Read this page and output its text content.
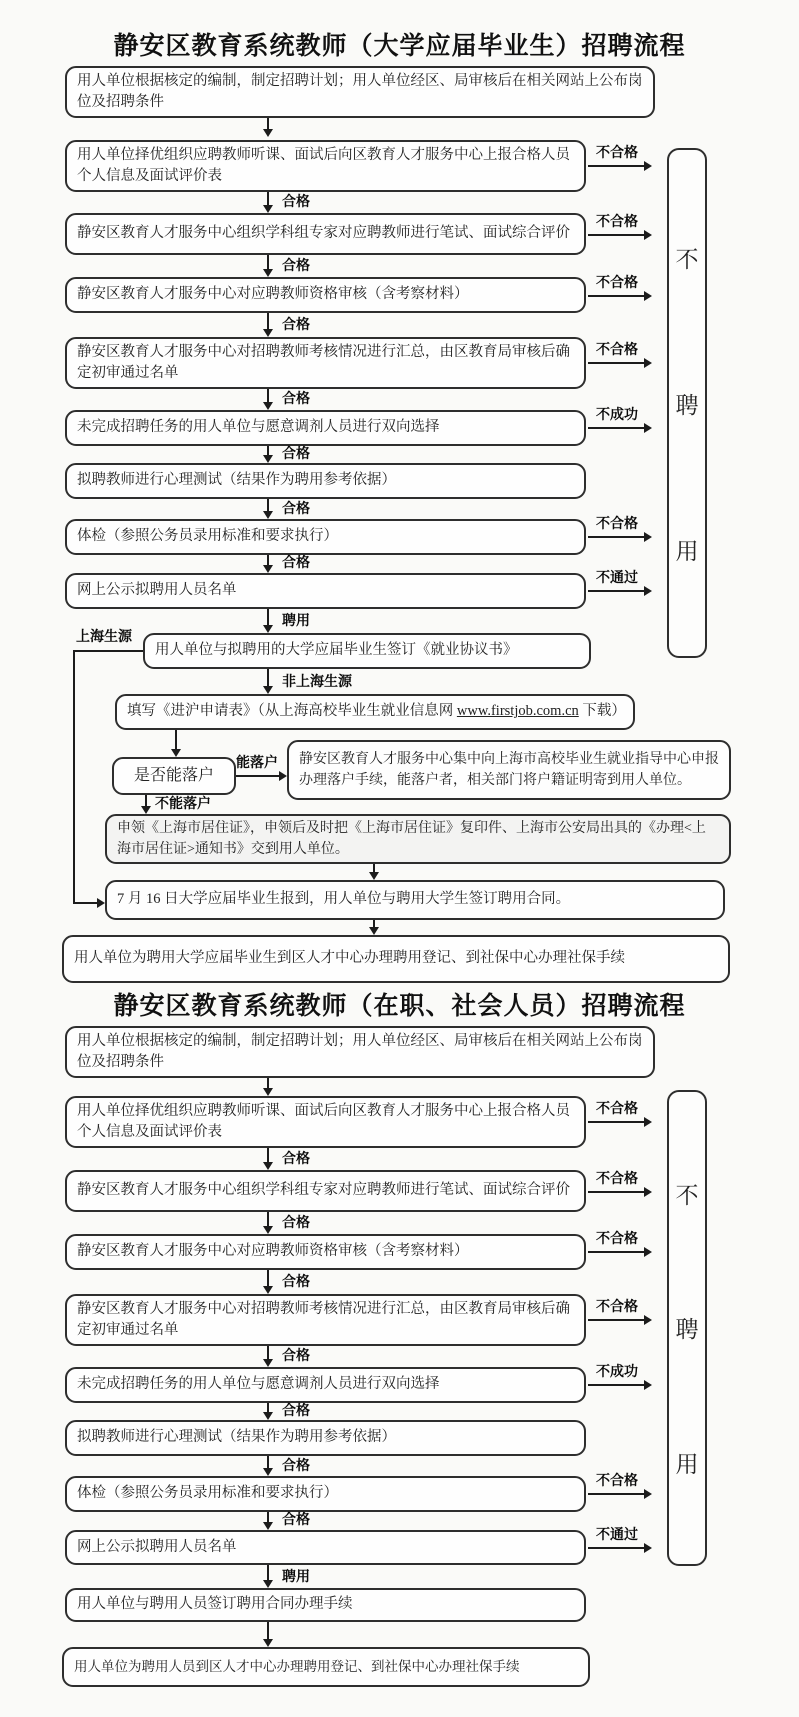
静安区教育系统教师（大学应届毕业生）招聘流程
用人单位根据核定的编制，制定招聘计划；用人单位经区、局审核后在相关网站上公布岗位及招聘条件
用人单位择优组织应聘教师听课、面试后向区教育人才服务中心上报合格人员个人信息及面试评价表
合格
静安区教育人才服务中心组织学科组专家对应聘教师进行笔试、面试综合评价
合格
静安区教育人才服务中心对应聘教师资格审核（含考察材料）
合格
静安区教育人才服务中心对招聘教师考核情况进行汇总，由区教育局审核后确定初审通过名单
合格
未完成招聘任务的用人单位与愿意调剂人员进行双向选择
合格
拟聘教师进行心理测试（结果作为聘用参考依据）
合格
体检（参照公务员录用标准和要求执行）
合格
网上公示拟聘用人员名单
聘用
用人单位与拟聘用的大学应届毕业生签订《就业协议书》
非上海生源
上海生源
填写《进沪申请表》（从上海高校毕业生就业信息网 www.firstjob.com.cn 下载）
是否能落户
能落户	静安区教育人才服务中心集中向上海市高校毕业生就业指导中心申报办理落户手续，能落户者，相关部门将户籍证明寄到用人单位。
不能落户
申领《上海市居住证》，申领后及时把《上海市居住证》复印件、上海市公安局出具的《办理<上海市居住证>通知书》交到用人单位。
7 月 16 日大学应届毕业生报到，用人单位与聘用大学生签订聘用合同。
用人单位为聘用大学应届毕业生到区人才中心办理聘用登记、到社保中心办理社保手续
不合格
不合格
不合格
不合格
不成功
不合格
不通过
不
聘
用
静安区教育系统教师（在职、社会人员）招聘流程
用人单位根据核定的编制，制定招聘计划；用人单位经区、局审核后在相关网站上公布岗位及招聘条件
用人单位择优组织应聘教师听课、面试后向区教育人才服务中心上报合格人员个人信息及面试评价表
合格
静安区教育人才服务中心组织学科组专家对应聘教师进行笔试、面试综合评价
合格
静安区教育人才服务中心对应聘教师资格审核（含考察材料）
合格
静安区教育人才服务中心对招聘教师考核情况进行汇总，由区教育局审核后确定初审通过名单
合格
未完成招聘任务的用人单位与愿意调剂人员进行双向选择
合格
拟聘教师进行心理测试（结果作为聘用参考依据）
合格
体检（参照公务员录用标准和要求执行）
合格
网上公示拟聘用人员名单
聘用
用人单位与聘用人员签订聘用合同办理手续
用人单位为聘用人员到区人才中心办理聘用登记、到社保中心办理社保手续
不合格
不合格
不合格
不合格
不成功
不合格
不通过
不
聘
用
